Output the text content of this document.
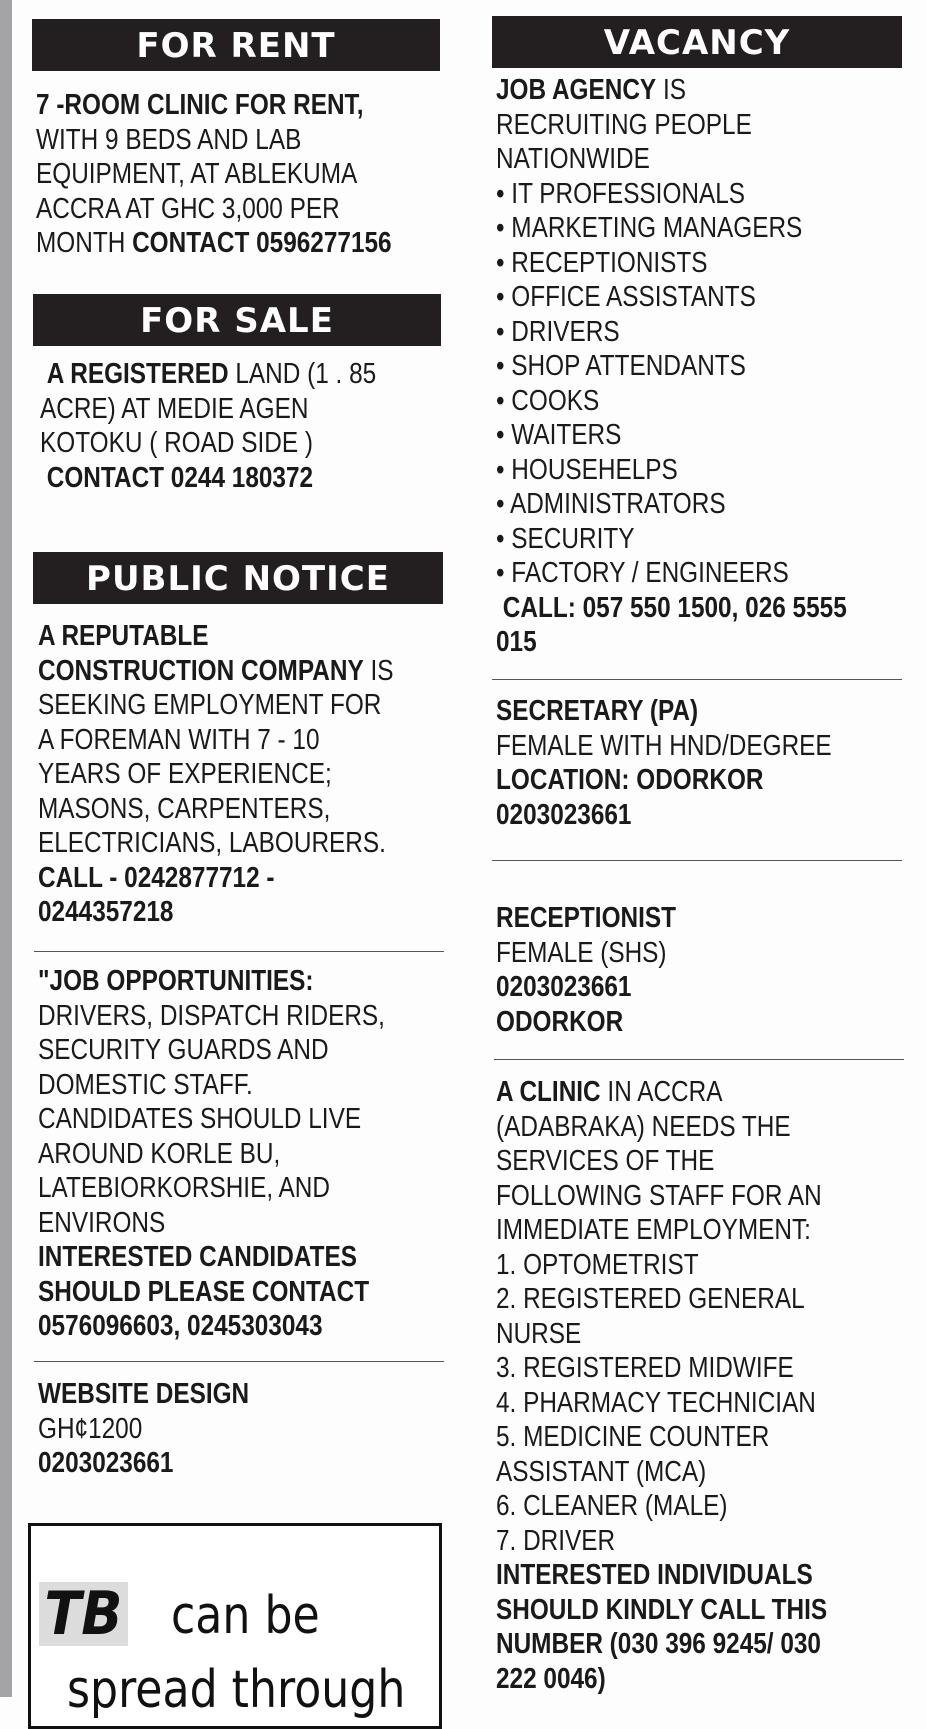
FOR RENT
7 -ROOM CLINIC FOR RENT,
WITH 9 BEDS AND LAB
EQUIPMENT, AT ABLEKUMA
ACCRA AT GHC 3,000 PER
MONTH CONTACT 0596277156
FOR SALE
A REGISTERED LAND (1 . 85
ACRE) AT MEDIE AGEN
KOTOKU ( ROAD SIDE )
CONTACT 0244 180372
PUBLIC NOTICE
A REPUTABLE
CONSTRUCTION COMPANY IS
SEEKING EMPLOYMENT FOR
A FOREMAN WITH 7 - 10
YEARS OF EXPERIENCE;
MASONS, CARPENTERS,
ELECTRICIANS, LABOURERS.
CALL - 0242877712 -
0244357218
"JOB OPPORTUNITIES:
DRIVERS, DISPATCH RIDERS,
SECURITY GUARDS AND
DOMESTIC STAFF.
CANDIDATES SHOULD LIVE
AROUND KORLE BU,
LATEBIORKORSHIE, AND
ENVIRONS
INTERESTED CANDIDATES
SHOULD PLEASE CONTACT
0576096603, 0245303043
WEBSITE DESIGN
GH¢1200
0203023661
TB can be
spread through
VACANCY
JOB AGENCY IS
RECRUITING PEOPLE
NATIONWIDE
• IT PROFESSIONALS
• MARKETING MANAGERS
• RECEPTIONISTS
• OFFICE ASSISTANTS
• DRIVERS
• SHOP ATTENDANTS
• COOKS
• WAITERS
• HOUSEHELPS
• ADMINISTRATORS
• SECURITY
• FACTORY / ENGINEERS
CALL: 057 550 1500, 026 5555
015
SECRETARY (PA)
FEMALE WITH HND/DEGREE
LOCATION: ODORKOR
0203023661
RECEPTIONIST
FEMALE (SHS)
0203023661
ODORKOR
A CLINIC IN ACCRA
(ADABRAKA) NEEDS THE
SERVICES OF THE
FOLLOWING STAFF FOR AN
IMMEDIATE EMPLOYMENT:
1. OPTOMETRIST
2. REGISTERED GENERAL
NURSE
3. REGISTERED MIDWIFE
4. PHARMACY TECHNICIAN
5. MEDICINE COUNTER
ASSISTANT (MCA)
6. CLEANER (MALE)
7. DRIVER
INTERESTED INDIVIDUALS
SHOULD KINDLY CALL THIS
NUMBER (030 396 9245/ 030
222 0046)
